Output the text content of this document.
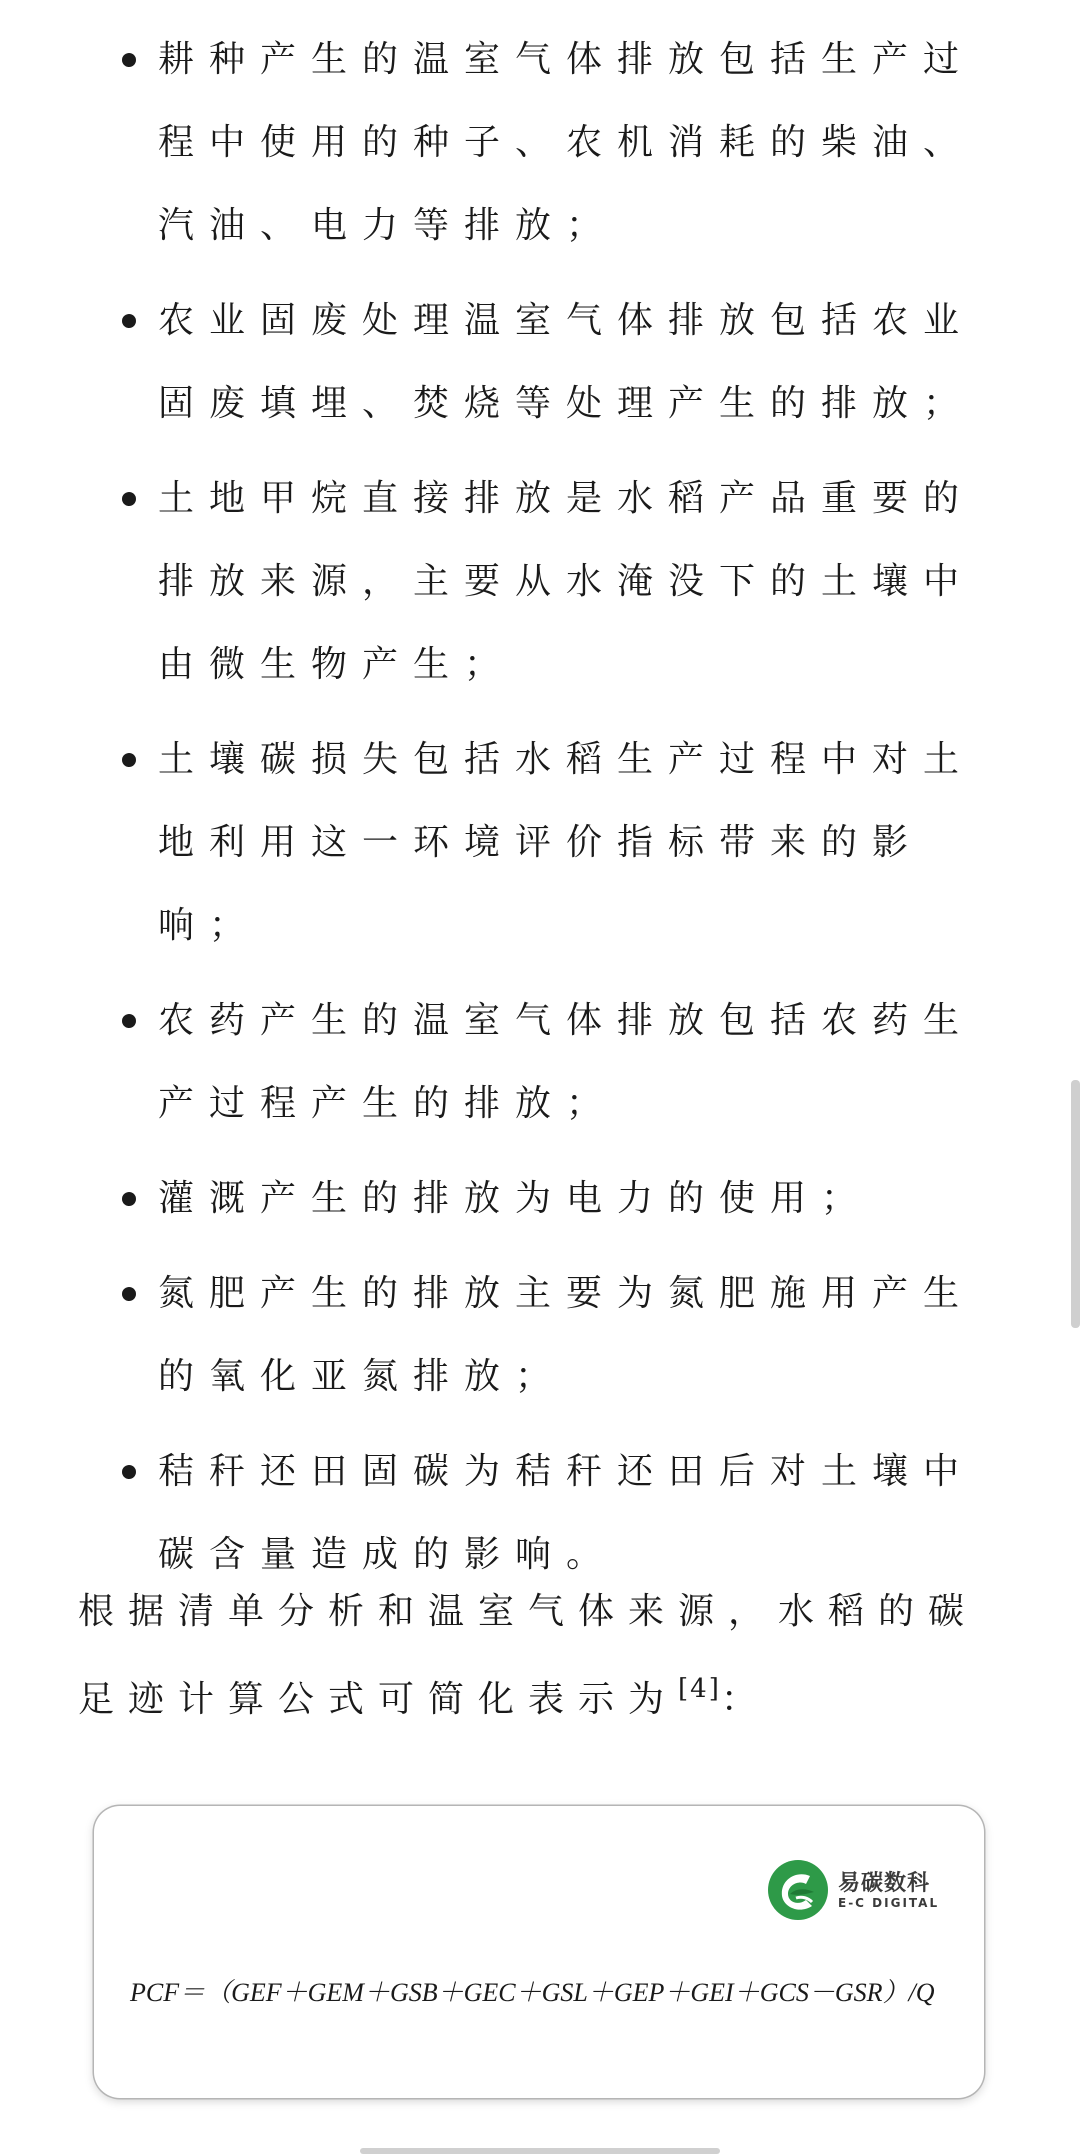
耕种产生的温室气体排放包括生产过程中使用的种子、农机消耗的柴油、汽油、电力等排放；
农业固废处理温室气体排放包括农业固废填埋、焚烧等处理产生的排放；
土地甲烷直接排放是水稻产品重要的排放来源，主要从水淹没下的土壤中由微生物产生；
土壤碳损失包括水稻生产过程中对土地利用这一环境评价指标带来的影响；
农药产生的温室气体排放包括农药生产过程产生的排放；
灌溉产生的排放为电力的使用；
氮肥产生的排放主要为氮肥施用产生的氧化亚氮排放；
秸秆还田固碳为秸秆还田后对土壤中碳含量造成的影响。

根据清单分析和温室气体来源，水稻的碳足迹计算公式可简化表示为[4]：

易碳数科
E-C DIGITAL
PCF＝（GEF＋GEM＋GSB＋GEC＋GSL＋GEP＋GEI＋GCS－GSR）/Q
